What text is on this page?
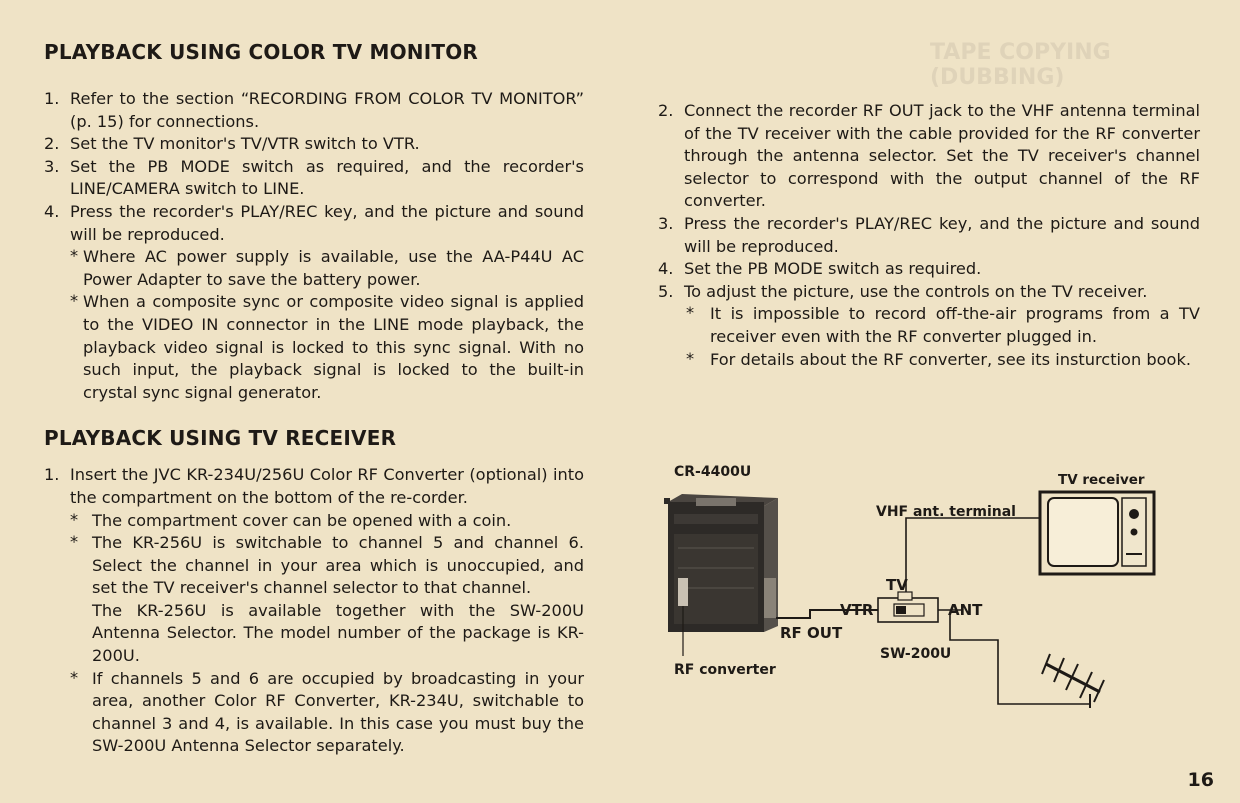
TAPE COPYING (DUBBING)
PLAYBACK USING COLOR TV MONITOR
1. Refer to the section “RECORDING FROM COLOR TV MONITOR” (p. 15) for connections.
2. Set the TV monitor's TV/VTR switch to VTR.
3. Set the PB MODE switch as required, and the recorder's LINE/CAMERA switch to LINE.
4. Press the recorder's PLAY/REC key, and the picture and sound will be reproduced.
* Where AC power supply is available, use the AA-P44U AC Power Adapter to save the battery power.
* When a composite sync or composite video signal is applied to the VIDEO IN connector in the LINE mode playback, the playback video signal is locked to this sync signal. With no such input, the playback signal is locked to the built-in crystal sync signal generator.
PLAYBACK USING TV RECEIVER
1. Insert the JVC KR-234U/256U Color RF Converter (optional) into the compartment on the bottom of the re-corder.
* The compartment cover can be opened with a coin.
* The KR-256U is switchable to channel 5 and channel 6. Select the channel in your area which is unoccupied, and set the TV receiver's channel selector to that channel.
The KR-256U is available together with the SW-200U Antenna Selector. The model number of the package is KR-200U.
* If channels 5 and 6 are occupied by broadcasting in your area, another Color RF Converter, KR-234U, switchable to channel 3 and 4, is available. In this case you must buy the SW-200U Antenna Selector separately.
2. Connect the recorder RF OUT jack to the VHF antenna terminal of the TV receiver with the cable provided for the RF converter through the antenna selector. Set the TV receiver's channel selector to correspond with the output channel of the RF converter.
3. Press the recorder's PLAY/REC key, and the picture and sound will be reproduced.
4. Set the PB MODE switch as required.
5. To adjust the picture, use the controls on the TV receiver.
* It is impossible to record off-the-air programs from a TV receiver even with the RF converter plugged in.
* For details about the RF converter, see its insturction book.
CR-4400U	TV receiver
VHF ant. terminal
TV
VTR	ANT
RF OUT
SW-200U
RF converter
16
